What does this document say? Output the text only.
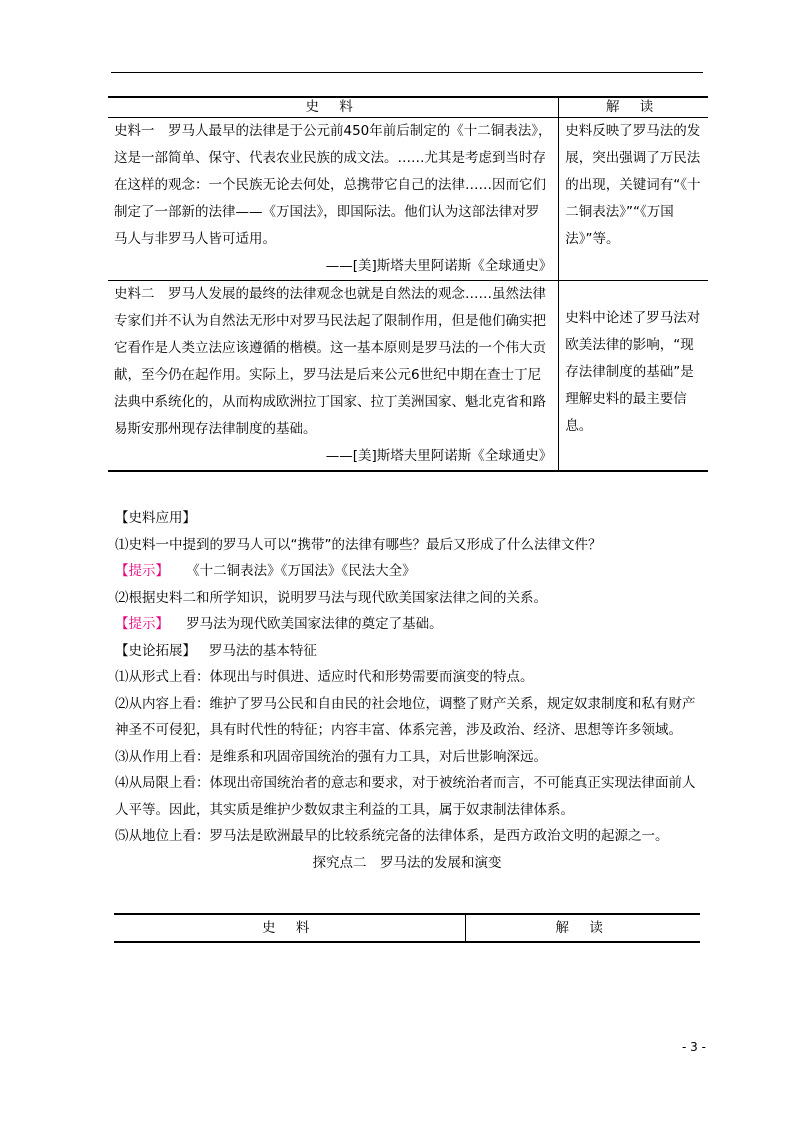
史 料	解 读

史料一　罗马人最早的法律是于公元前450年前后制定的《十二铜表法》，这是一部简单、保守、代表农业民族的成文法。……尤其是考虑到当时存在这样的观念：一个民族无论去何处，总携带它自己的法律……因而它们制定了一部新的法律——《万国法》，即国际法。他们认为这部法律对罗马人与非罗马人皆可适用。
——[美]斯塔夫里阿诺斯《全球通史》	史料反映了罗马法的发展，突出强调了万民法的出现，关键词有“《十二铜表法》”“《万国法》”等。

史料二　罗马人发展的最终的法律观念也就是自然法的观念……虽然法律专家们并不认为自然法无形中对罗马民法起了限制作用，但是他们确实把它看作是人类立法应该遵循的楷模。这一基本原则是罗马法的一个伟大贡献，至今仍在起作用。实际上，罗马法是后来公元6世纪中期在查士丁尼法典中系统化的，从而构成欧洲拉丁国家、拉丁美洲国家、魁北克省和路易斯安那州现存法律制度的基础。
——[美]斯塔夫里阿诺斯《全球通史》	史料中论述了罗马法对欧美法律的影响，“现存法律制度的基础”是理解史料的最主要信息。

【史料应用】

⑴史料一中提到的罗马人可以“携带”的法律有哪些？最后又形成了什么法律文件？

【提示】 《十二铜表法》《万国法》《民法大全》

⑵根据史料二和所学知识，说明罗马法与现代欧美国家法律之间的关系。

【提示】 罗马法为现代欧美国家法律的奠定了基础。

【史论拓展】 罗马法的基本特征

⑴从形式上看：体现出与时俱进、适应时代和形势需要而演变的特点。

⑵从内容上看：维护了罗马公民和自由民的社会地位，调整了财产关系，规定奴隶制度和私有财产神圣不可侵犯，具有时代性的特征；内容丰富、体系完善，涉及政治、经济、思想等许多领域。

⑶从作用上看：是维系和巩固帝国统治的强有力工具，对后世影响深远。

⑷从局限上看：体现出帝国统治者的意志和要求，对于被统治者而言，不可能真正实现法律面前人人平等。因此，其实质是维护少数奴隶主利益的工具，属于奴隶制法律体系。

⑸从地位上看：罗马法是欧洲最早的比较系统完备的法律体系，是西方政治文明的起源之一。

探究点二　罗马法的发展和演变

史 料	解 读
- 3 -
